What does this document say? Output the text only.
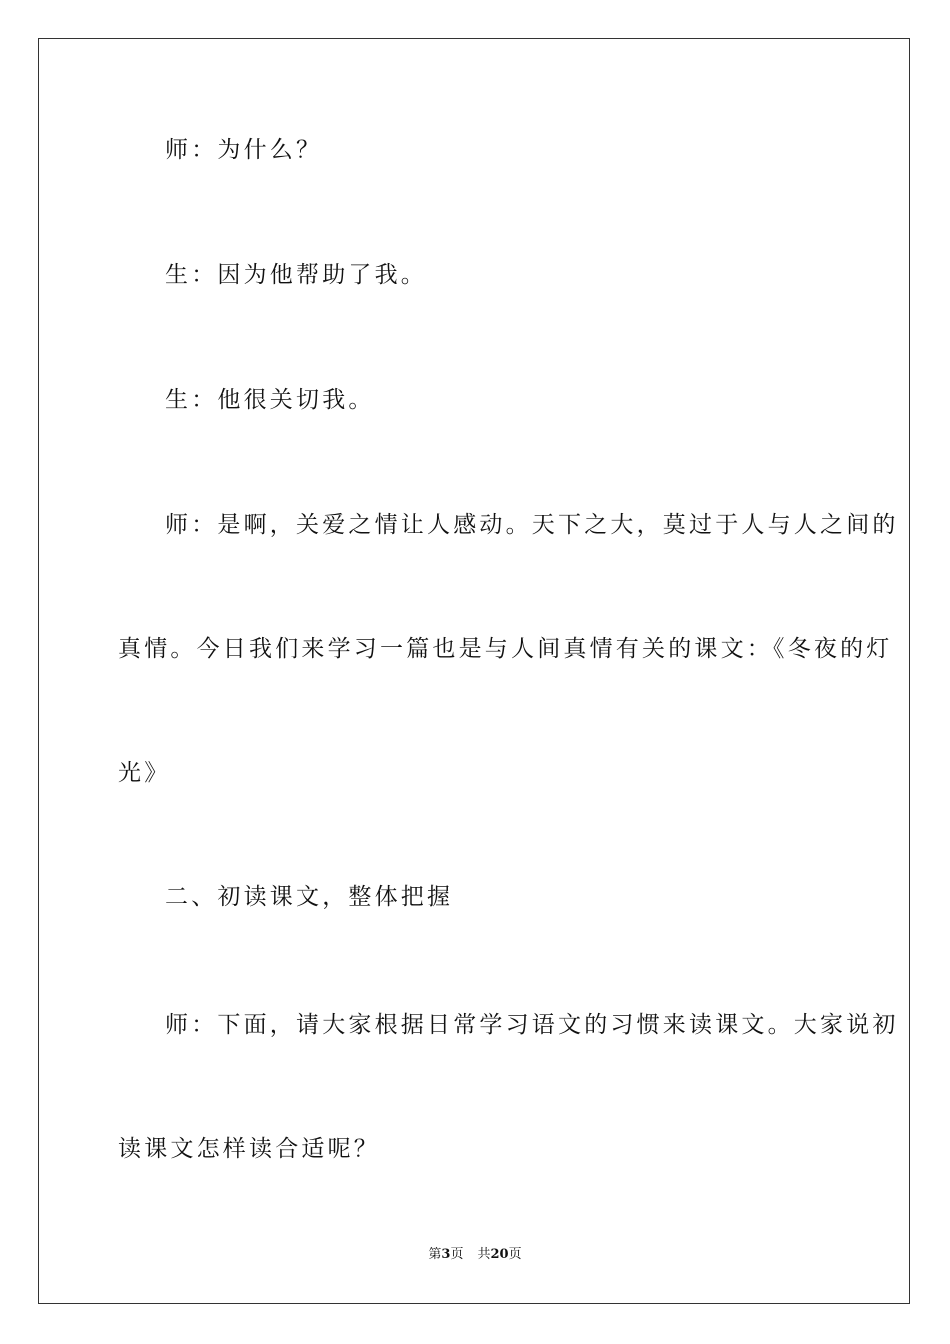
师：为什么？
生：因为他帮助了我。
生：他很关切我。
师：是啊，关爱之情让人感动。天下之大，莫过于人与人之间的
真情。今日我们来学习一篇也是与人间真情有关的课文：《冬夜的灯
光》
二、初读课文，整体把握
师：下面，请大家根据日常学习语文的习惯来读课文。大家说初
读课文怎样读合适呢？
第3页 共20页
